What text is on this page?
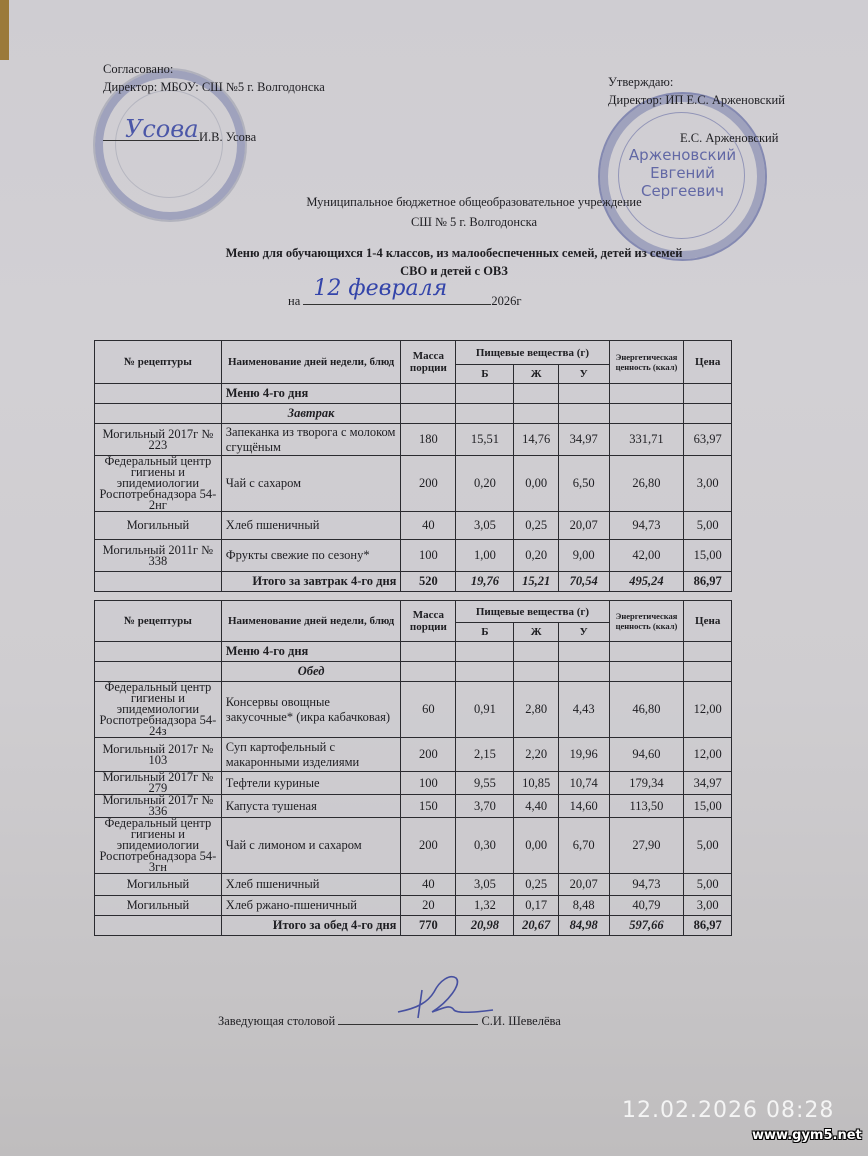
Согласовано:
Директор: МБОУ: СШ №5 г. Волгодонска
Усова И.В. Усова
Арженовский
Евгений
Сергеевич
Утверждаю:
Директор: ИП Е.С. Арженовский
Е.С. Арженовский
Муниципальное бюджетное общеобразовательное учреждение
СШ № 5 г. Волгодонска
Меню для обучающихся 1-4 классов, из малообеспеченных семей, детей из семей
СВО и детей с ОВЗ
на 12 февраля	2026г
№ рецептуры	Наименование дней недели, блюд	Масса порции	Пищевые вещества (г)			Энергетическая ценность (ккал)	Цена
			Б	Ж	У		
	Меню 4-го дня						
	Завтрак						
Могильный 2017г № 223	Запеканка из творога с молоком сгущёным	180	15,51	14,76	34,97	331,71	63,97
Федеральный центр гигиены и эпидемиологии Роспотребнадзора 54-2нг	Чай с сахаром	200	0,20	0,00	6,50	26,80	3,00
Могильный	Хлеб пшеничный	40	3,05	0,25	20,07	94,73	5,00
Могильный 2011г № 338	Фрукты свежие по сезону*	100	1,00	0,20	9,00	42,00	15,00
	Итого за завтрак 4-го дня	520	19,76	15,21	70,54	495,24	86,97
№ рецептуры	Наименование дней недели, блюд	Масса порции	Пищевые вещества (г)			Энергетическая ценность (ккал)	Цена
			Б	Ж	У		
	Меню 4-го дня						
	Обед						
Федеральный центр гигиены и эпидемиологии Роспотребнадзора 54-24з	Консервы овощные закусочные* (икра кабачковая)	60	0,91	2,80	4,43	46,80	12,00
Могильный 2017г № 103	Суп картофельный с макаронными изделиями	200	2,15	2,20	19,96	94,60	12,00
Могильный 2017г № 279	Тефтели куриные	100	9,55	10,85	10,74	179,34	34,97
Могильный 2017г № 336	Капуста тушеная	150	3,70	4,40	14,60	113,50	15,00
Федеральный центр гигиены и эпидемиологии Роспотребнадзора 54-3гн	Чай с лимоном и сахаром	200	0,30	0,00	6,70	27,90	5,00
Могильный	Хлеб пшеничный	40	3,05	0,25	20,07	94,73	5,00
Могильный	Хлеб ржано-пшеничный	20	1,32	0,17	8,48	40,79	3,00
	Итого за обед 4-го дня	770	20,98	20,67	84,98	597,66	86,97
Заведующая столовой	С.И. Шевелёва
12.02.2026 08:28
www.gym5.net
